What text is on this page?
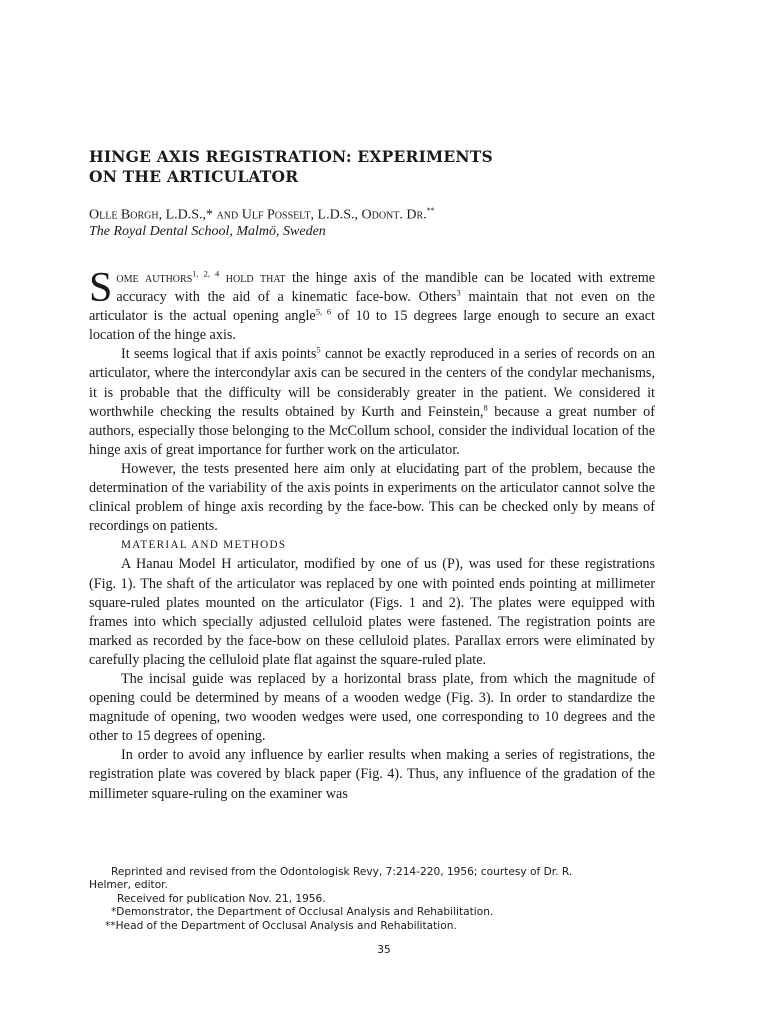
HINGE AXIS REGISTRATION: EXPERIMENTS
ON THE ARTICULATOR
Olle Borgh, L.D.S.,* and Ulf Posselt, L.D.S., Odont. Dr.**
The Royal Dental School, Malmö, Sweden

Some authors$^{1, 2, 4}$ hold that the hinge axis of the mandible can be located with extreme accuracy with the aid of a kinematic face-bow. Others$^3$ maintain that not even on the articulator is the actual opening angle$^{5, 6}$ of 10 to 15 degrees large enough to secure an exact location of the hinge axis.

It seems logical that if axis points$^5$ cannot be exactly reproduced in a series of records on an articulator, where the intercondylar axis can be secured in the centers of the condylar mechanisms, it is probable that the difficulty will be considerably greater in the patient. We considered it worthwhile checking the results obtained by Kurth and Feinstein,$^8$ because a great number of authors, especially those belonging to the McCollum school, consider the individual location of the hinge axis of great importance for further work on the articulator.

However, the tests presented here aim only at elucidating part of the problem, because the determination of the variability of the axis points in experiments on the articulator cannot solve the clinical problem of hinge axis recording by the face-bow. This can be checked only by means of recordings on patients.

MATERIAL AND METHODS

A Hanau Model H articulator, modified by one of us (P), was used for these registrations (Fig. 1). The shaft of the articulator was replaced by one with pointed ends pointing at millimeter square-ruled plates mounted on the articulator (Figs. 1 and 2). The plates were equipped with frames into which specially adjusted celluloid plates were fastened. The registration points are marked as recorded by the face-bow on these celluloid plates. Parallax errors were eliminated by carefully placing the celluloid plate flat against the square-ruled plate.

The incisal guide was replaced by a horizontal brass plate, from which the magnitude of opening could be determined by means of a wooden wedge (Fig. 3). In order to standardize the magnitude of opening, two wooden wedges were used, one corresponding to 10 degrees and the other to 15 degrees of opening.

In order to avoid any influence by earlier results when making a series of registrations, the registration plate was covered by black paper (Fig. 4). Thus, any influence of the gradation of the millimeter square-ruling on the examiner was

Reprinted and revised from the Odontologisk Revy, 7:214-220, 1956; courtesy of Dr. R.

Helmer, editor.

Received for publication Nov. 21, 1956.

*Demonstrator, the Department of Occlusal Analysis and Rehabilitation.

**Head of the Department of Occlusal Analysis and Rehabilitation.

35
